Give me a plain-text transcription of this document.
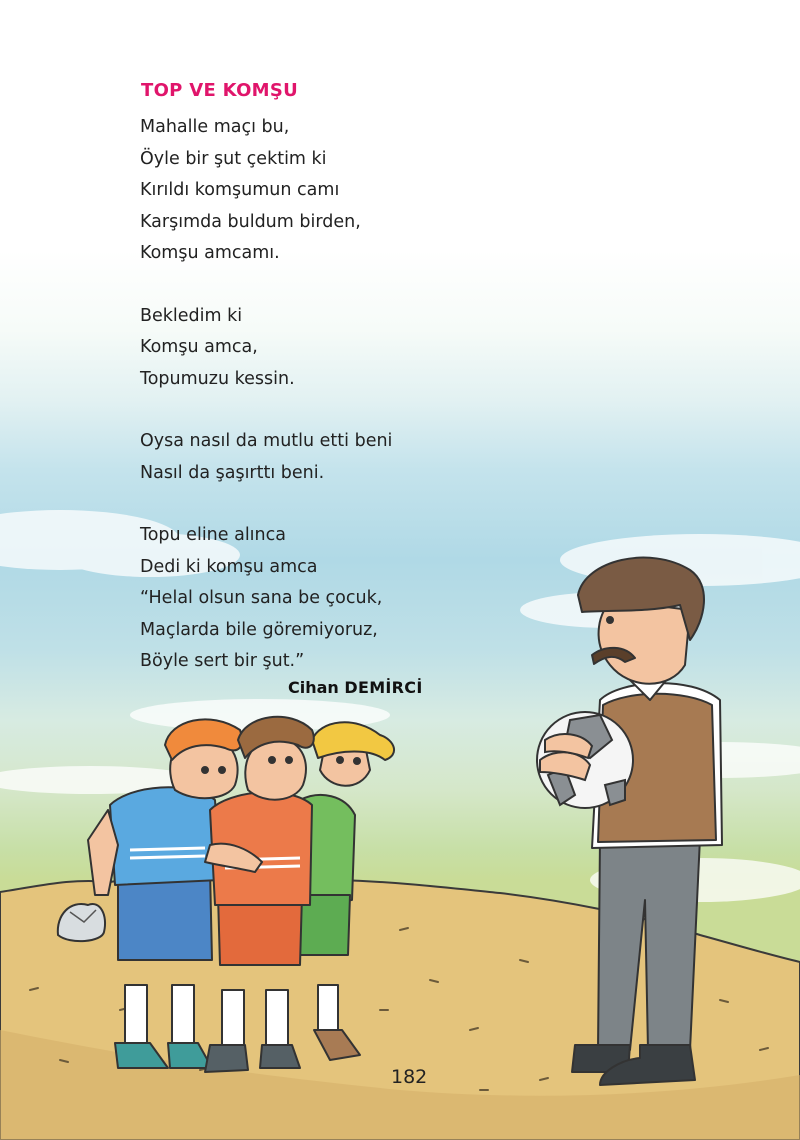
TOP VE KOMŞU
Mahalle maçı bu,
Öyle bir şut çektim ki
Kırıldı komşumun camı
Karşımda buldum birden,
Komşu amcamı.
Bekledim ki
Komşu amca,
Topumuzu kessin.
Oysa nasıl da mutlu etti beni
Nasıl da şaşırttı beni.
Topu eline alınca
Dedi ki komşu amca
“Helal olsun sana be çocuk,
Maçlarda bile göremiyoruz,
Böyle sert bir şut.”
Cihan DEMİRCİ
182
